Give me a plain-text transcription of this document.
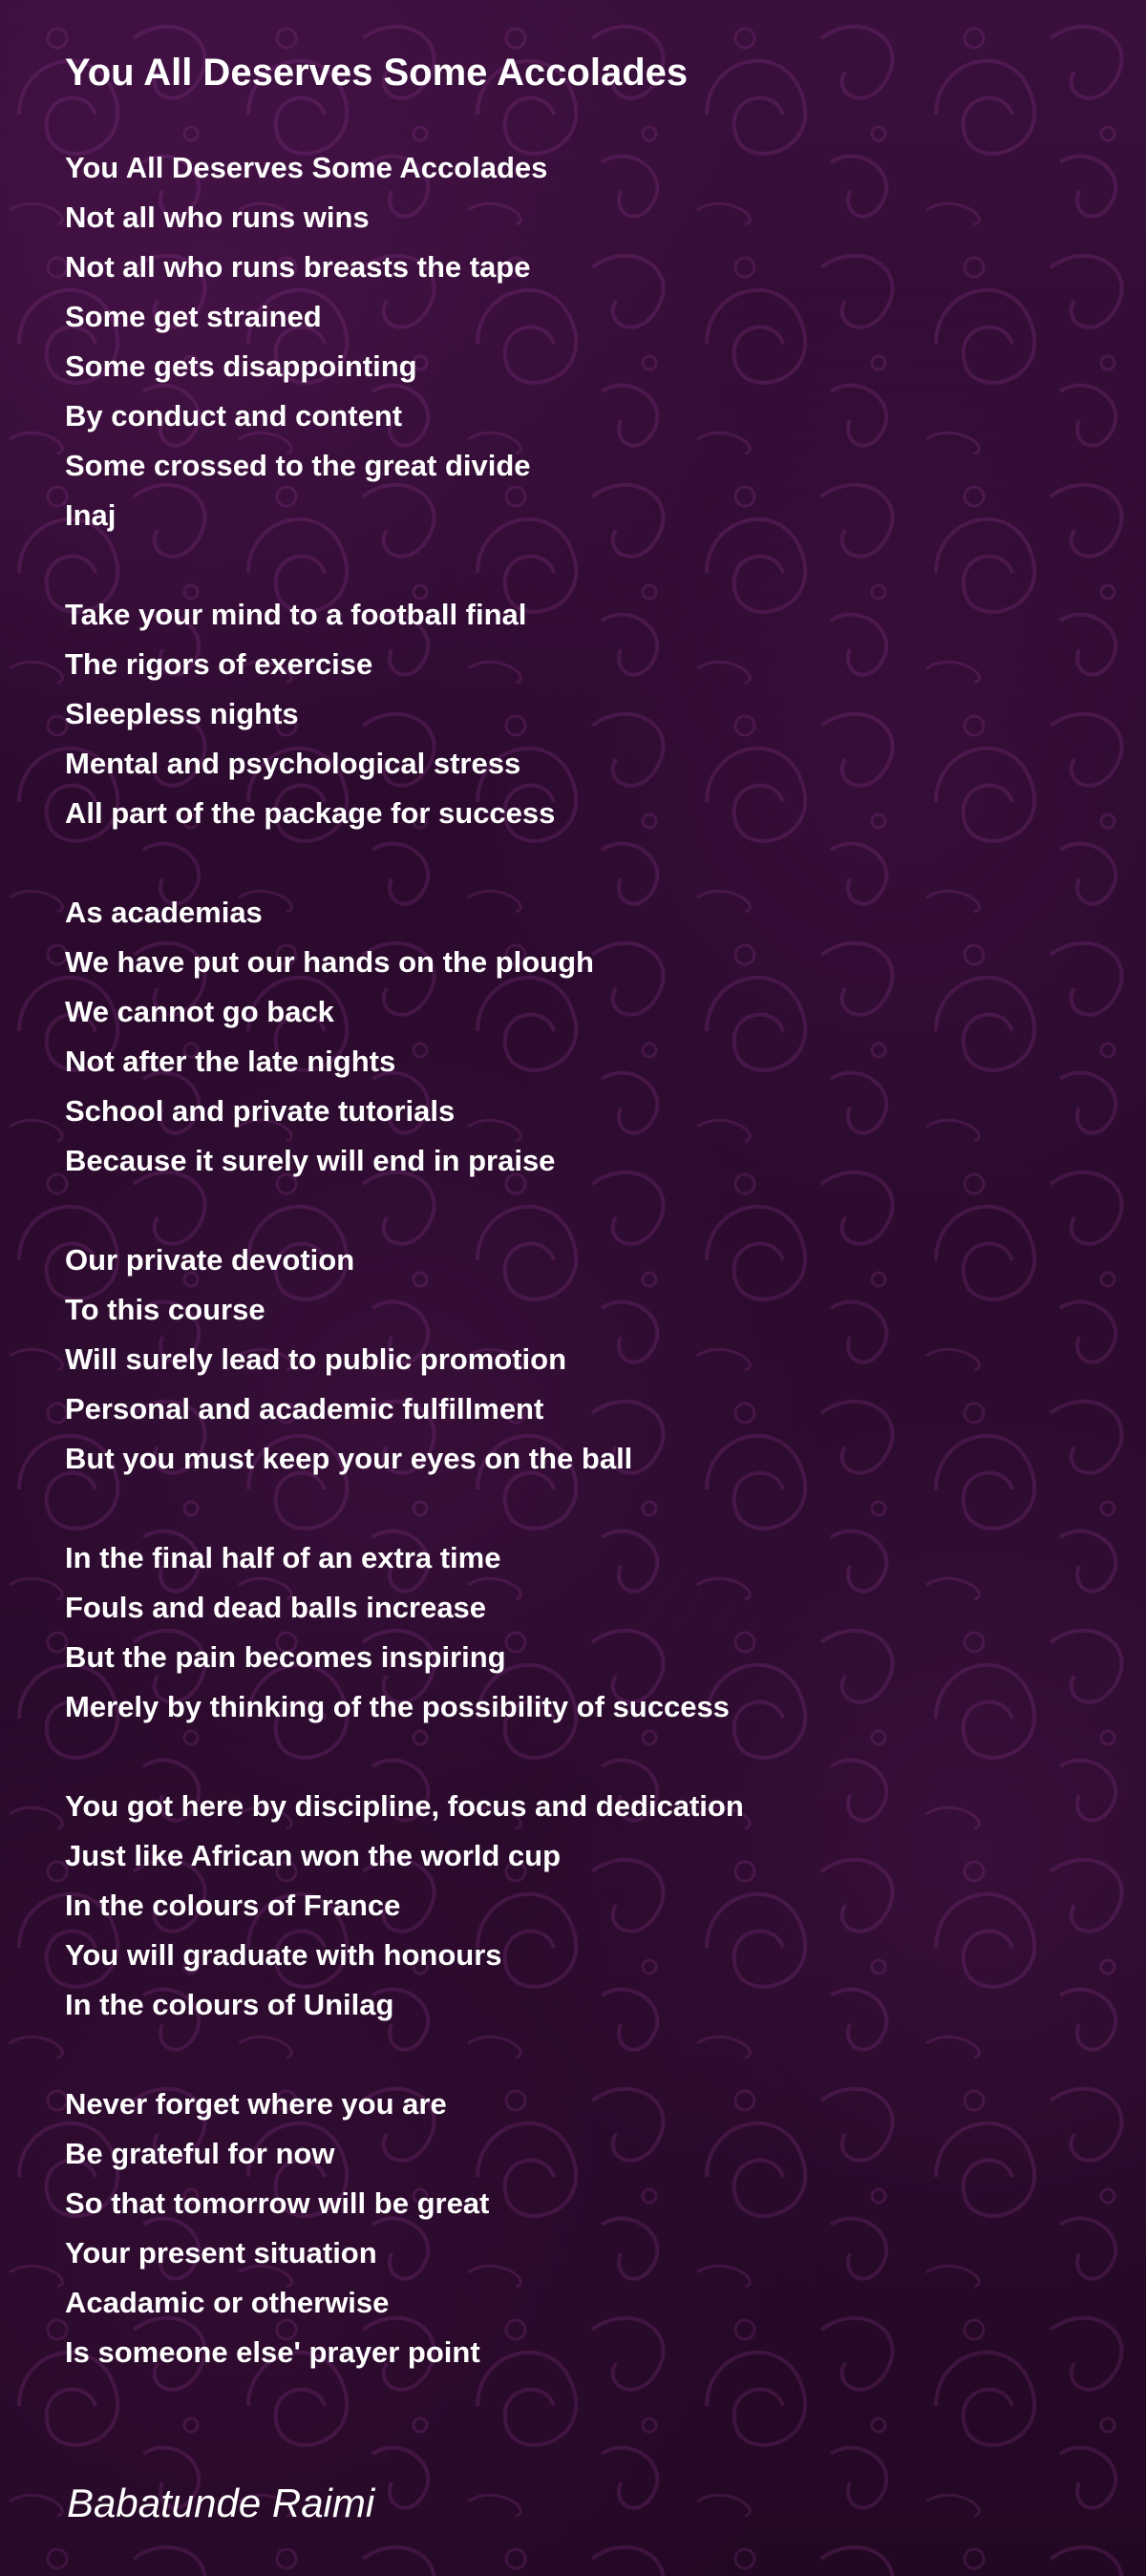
You All Deserves Some Accolades
You All Deserves Some Accolades
Not all who runs wins
Not all who runs breasts the tape
Some get strained
Some gets disappointing
By conduct and content
Some crossed to the great divide
Inaj
Take your mind to a football final
The rigors of exercise
Sleepless nights
Mental and psychological stress
All part of the package for success
As academias
We have put our hands on the plough
We cannot go back
Not after the late nights
School and private tutorials
Because it surely will end in praise
Our private devotion
To this course
Will surely lead to public promotion
Personal and academic fulfillment
But you must keep your eyes on the ball
In the final half of an extra time
Fouls and dead balls increase
But the pain becomes inspiring
Merely by thinking of the possibility of success
You got here by discipline, focus and dedication
Just like African won the world cup
In the colours of France
You will graduate with honours
In the colours of Unilag
Never forget where you are
Be grateful for now
So that tomorrow will be great
Your present situation
Acadamic or otherwise
Is someone else' prayer point

Babatunde Raimi
